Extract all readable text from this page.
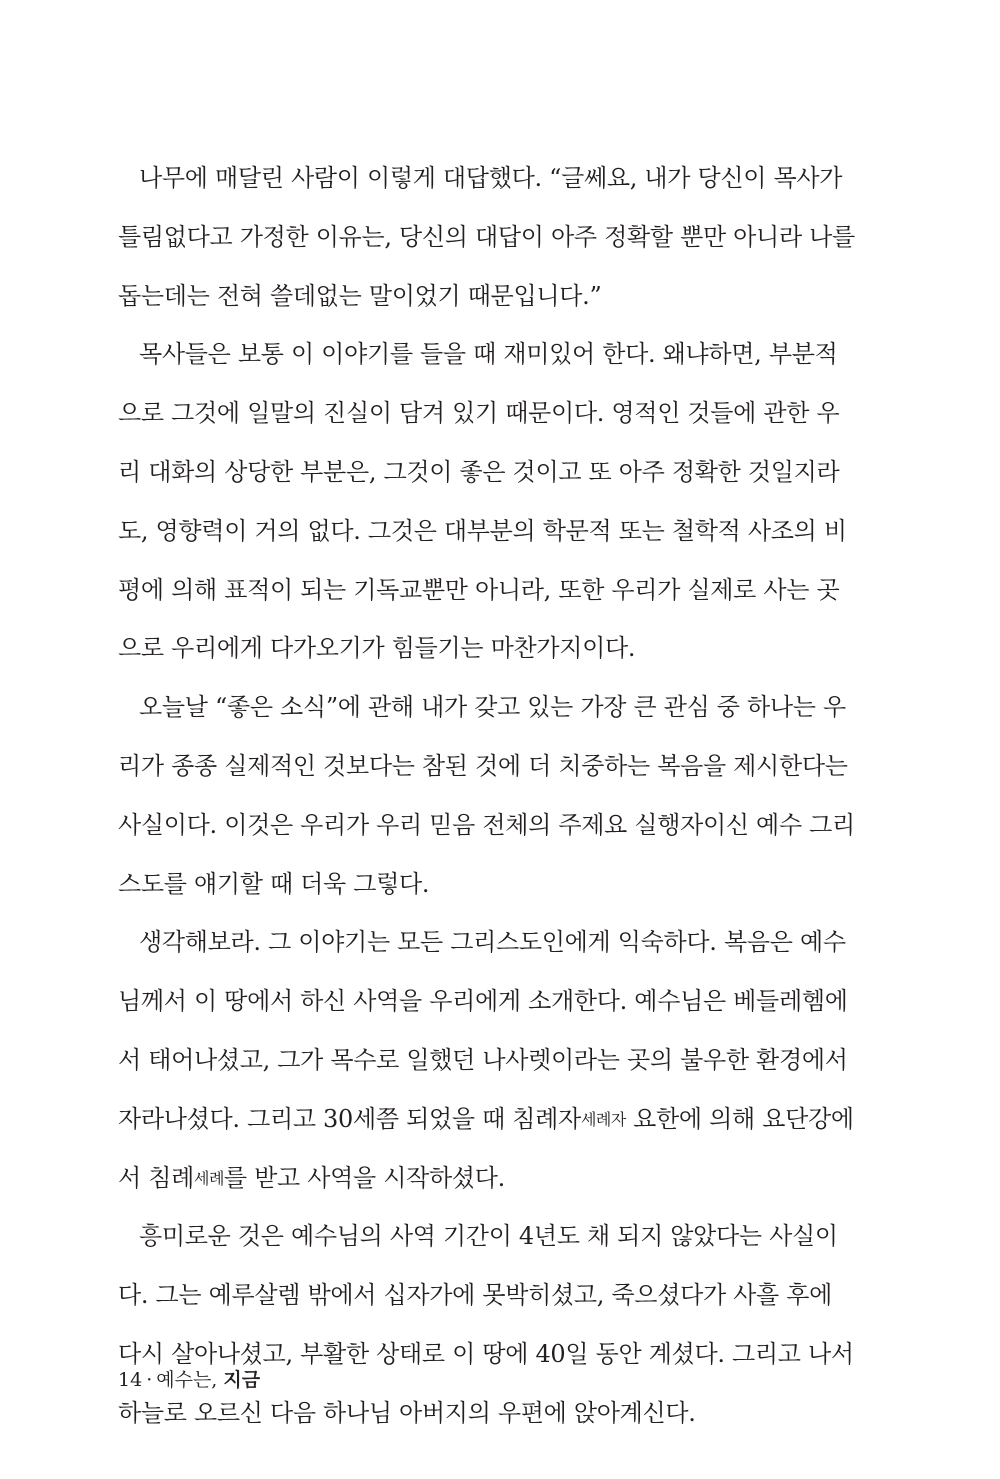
나무에 매달린 사람이 이렇게 대답했다. “글쎄요, 내가 당신이 목사가
틀림없다고 가정한 이유는, 당신의 대답이 아주 정확할 뿐만 아니라 나를
돕는데는 전혀 쓸데없는 말이었기 때문입니다.”
목사들은 보통 이 이야기를 들을 때 재미있어 한다. 왜냐하면, 부분적
으로 그것에 일말의 진실이 담겨 있기 때문이다. 영적인 것들에 관한 우
리 대화의 상당한 부분은, 그것이 좋은 것이고 또 아주 정확한 것일지라
도, 영향력이 거의 없다. 그것은 대부분의 학문적 또는 철학적 사조의 비
평에 의해 표적이 되는 기독교뿐만 아니라, 또한 우리가 실제로 사는 곳
으로 우리에게 다가오기가 힘들기는 마찬가지이다.
오늘날 “좋은 소식”에 관해 내가 갖고 있는 가장 큰 관심 중 하나는 우
리가 종종 실제적인 것보다는 참된 것에 더 치중하는 복음을 제시한다는
사실이다. 이것은 우리가 우리 믿음 전체의 주제요 실행자이신 예수 그리
스도를 얘기할 때 더욱 그렇다.
생각해보라. 그 이야기는 모든 그리스도인에게 익숙하다. 복음은 예수
님께서 이 땅에서 하신 사역을 우리에게 소개한다. 예수님은 베들레헴에
서 태어나셨고, 그가 목수로 일했던 나사렛이라는 곳의 불우한 환경에서
자라나셨다. 그리고 30세쯤 되었을 때 침례자세례자 요한에 의해 요단강에
서 침례세례를 받고 사역을 시작하셨다.
흥미로운 것은 예수님의 사역 기간이 4년도 채 되지 않았다는 사실이
다. 그는 예루살렘 밖에서 십자가에 못박히셨고, 죽으셨다가 사흘 후에
다시 살아나셨고, 부활한 상태로 이 땅에 40일 동안 계셨다. 그리고 나서
하늘로 오르신 다음 하나님 아버지의 우편에 앉아계신다.
14 · 예수는, 지금
